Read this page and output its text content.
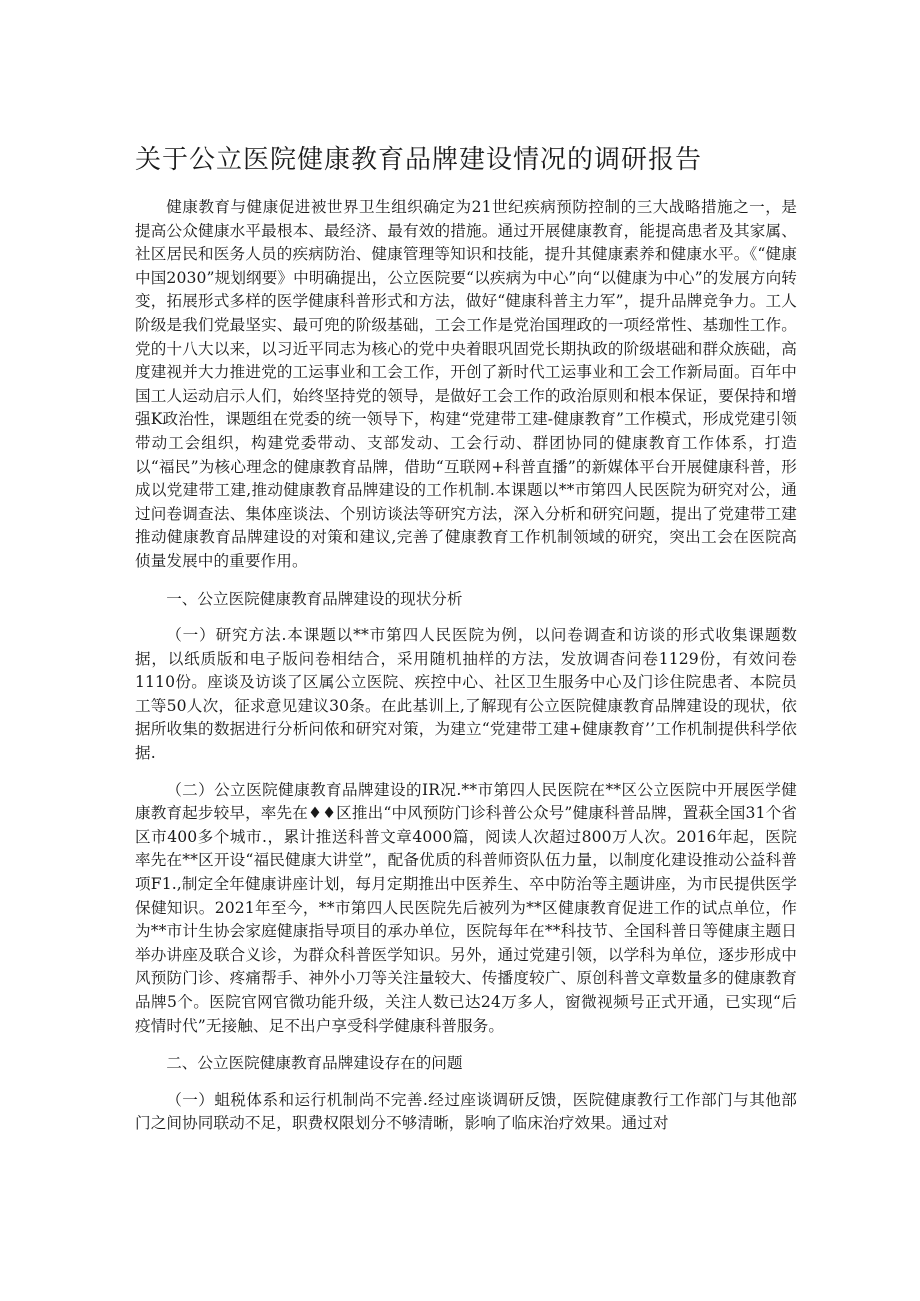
关于公立医院健康教育品牌建设情况的调研报告

健康教育与健康促进被世界卫生组织确定为21世纪疾病预防控制的三大战略措施之一，是提高公众健康水平最根本、最经济、最有效的措施。通过开展健康教育，能提高患者及其家属、社区居民和医务人员的疾病防治、健康管理等知识和技能，提升其健康素养和健康水平。《“健康中国2030”规划纲要》中明确提出，公立医院要“以疾病为中心”向“以健康为中心”的发展方向转变，拓展形式多样的医学健康科普形式和方法，做好“健康科普主力军”，提升品牌竞争力。工人阶级是我们党最坚实、最可兜的阶级基础，工会工作是党治国理政的一项经常性、基珈性工作。党的十八大以来，以习近平同志为核心的党中央着眼巩固党长期执政的阶级堪础和群众族础，高度建视并大力推进党的工运事业和工会工作，开创了新时代工运事业和工会工作新局面。百年中国工人运动启示人们，始终坚持党的领导，是做好工会工作的政治原则和根本保证，要保持和增强K政治性，课题组在党委的统一领导下，构建“党建带工建-健康教育”工作模式，形成党建引领带动工会组织，构建党委带动、支部发动、工会行动、群团协同的健康教育工作体系，打造以“福民”为核心理念的健康教育品牌，借助“互联网+科普直播”的新媒体平台开展健康科普，形成以党建带工建,推动健康教育品牌建设的工作机制.本课题以**市第四人民医院为研究对公，通过问卷调查法、集体座谈法、个别访谈法等研究方法，深入分析和研究问题，提出了党建带工建推动健康教育品牌建设的对策和建议,完善了健康教育工作机制领域的研究，突出工会在医院高侦量发展中的重要作用。

一、公立医院健康教育品牌建设的现状分析

（一）研究方法.本课题以**市第四人民医院为例，以问卷调查和访谈的形式收集课题数据，以纸质版和电子版问卷相结合，采用随机抽样的方法，发放调杳问卷1129份，有效问卷1110份。座谈及访谈了区属公立医院、疾控中心、社区卫生服务中心及门诊住院患者、本院员工等50人次，征求意见建议30条。在此基训上,了解现有公立医院健康教育品牌建设的现状，依据所收集的数据进行分析问侬和研究对策，为建立“党建带工建+健康教育’’工作机制提供科学依据.

（二）公立医院健康教育品牌建设的IR况.**市第四人民医院在**区公立医院中开展医学健康教育起步较早，率先在♦♦区推出“中风预防门诊科普公众号”健康科普品牌，置萩全国31个省区市400多个城市.，累计推送科普文章4000篇，阅读人次超过800万人次。2016年起，医院率先在**区开设“福民健康大讲堂”，配备优质的科普师资队伍力量，以制度化建设推动公益科普项F1.,制定全年健康讲座计划，每月定期推出中医养生、卒中防治等主题讲座，为市民提供医学保健知识。2021年至今，**市第四人民医院先后被列为**区健康教育促进工作的试点单位，作为**市计生协会家庭健康指导项目的承办单位，医院每年在**科技节、全国科普日等健康主题日举办讲座及联合义诊，为群众科普医学知识。另外，通过党建引领，以学科为单位，逐步形成中风预防门诊、疼痛帮手、神外小刀等关注量较大、传播度较广、原创科普文章数量多的健康教育品牌5个。医院官网官微功能升级，关注人数已达24万多人，窗微视频号正式开通，已实现“后疫情时代”无接触、足不出户享受科学健康科普服务。

二、公立医院健康教育品牌建设存在的问题

（一）蛆税体系和运行机制尚不完善.经过座谈调研反馈，医院健康教行工作部门与其他部门之间协同联动不足，职费权限划分不够清晰，影响了临床治疗效果。通过对
